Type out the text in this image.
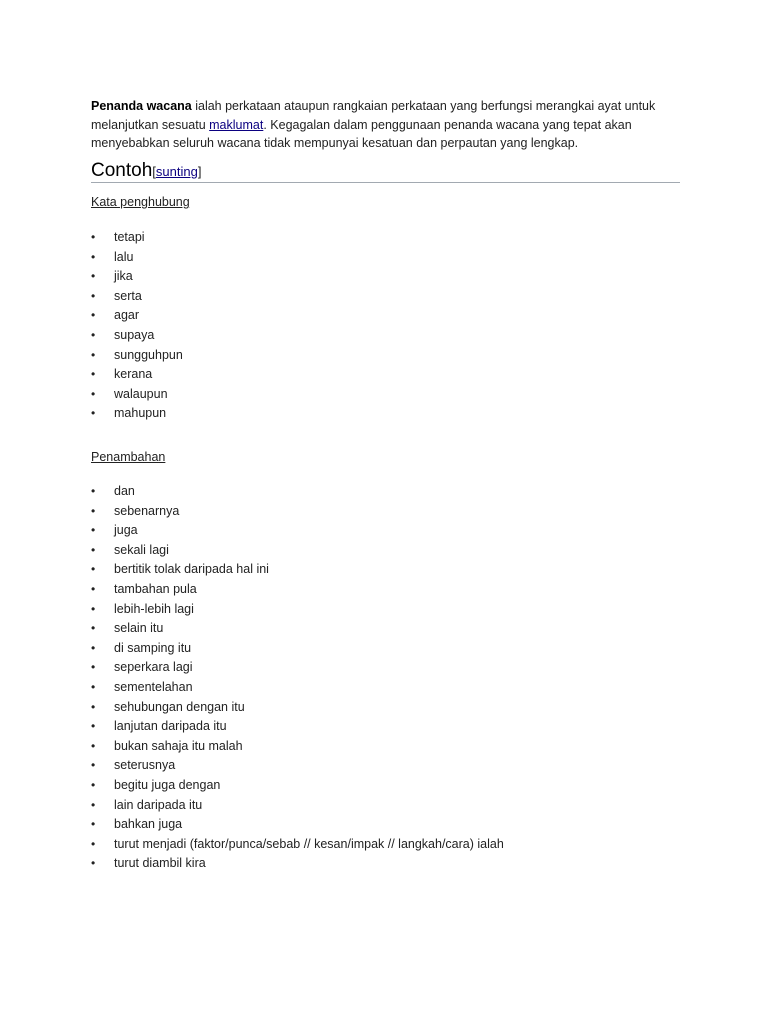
Penanda wacana ialah perkataan ataupun rangkaian perkataan yang berfungsi merangkai ayat untuk melanjutkan sesuatu maklumat. Kegagalan dalam penggunaan penanda wacana yang tepat akan menyebabkan seluruh wacana tidak mempunyai kesatuan dan perpautan yang lengkap.

Contoh[sunting]

Kata penghubung

• tetapi
• lalu
• jika
• serta
• agar
• supaya
• sungguhpun
• kerana
• walaupun
• mahupun

Penambahan

• dan
• sebenarnya
• juga
• sekali lagi
• bertitik tolak daripada hal ini
• tambahan pula
• lebih-lebih lagi
• selain itu
• di samping itu
• seperkara lagi
• sementelahan
• sehubungan dengan itu
• lanjutan daripada itu
• bukan sahaja itu malah
• seterusnya
• begitu juga dengan
• lain daripada itu
• bahkan juga
• turut menjadi (faktor/punca/sebab // kesan/impak // langkah/cara) ialah
• turut diambil kira
